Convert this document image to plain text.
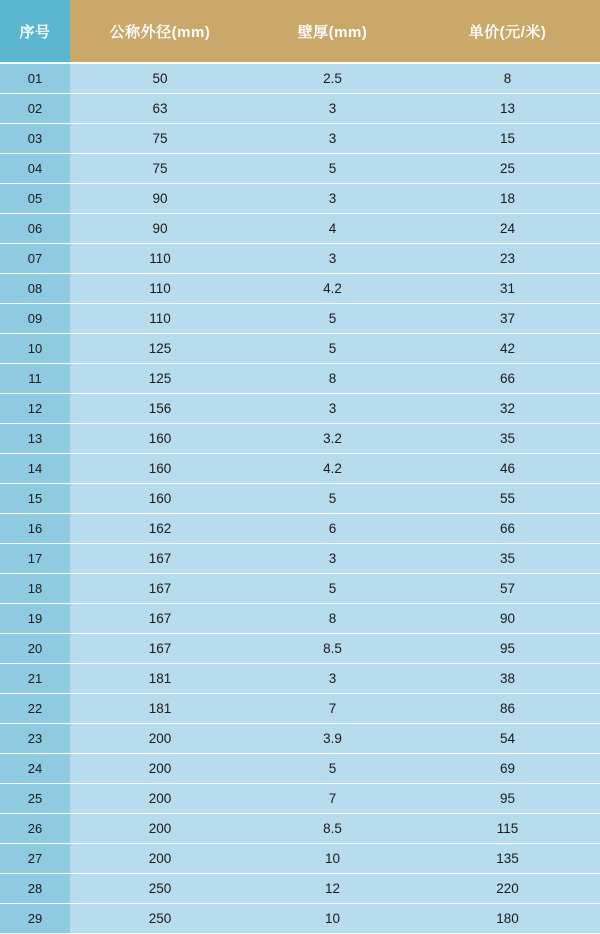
序号	公称外径(mm)	壁厚(mm)	单价(元/米)
01	50	2.5	8
02	63	3	13
03	75	3	15
04	75	5	25
05	90	3	18
06	90	4	24
07	110	3	23
08	110	4.2	31
09	110	5	37
10	125	5	42
11	125	8	66
12	156	3	32
13	160	3.2	35
14	160	4.2	46
15	160	5	55
16	162	6	66
17	167	3	35
18	167	5	57
19	167	8	90
20	167	8.5	95
21	181	3	38
22	181	7	86
23	200	3.9	54
24	200	5	69
25	200	7	95
26	200	8.5	115
27	200	10	135
28	250	12	220
29	250	10	180
